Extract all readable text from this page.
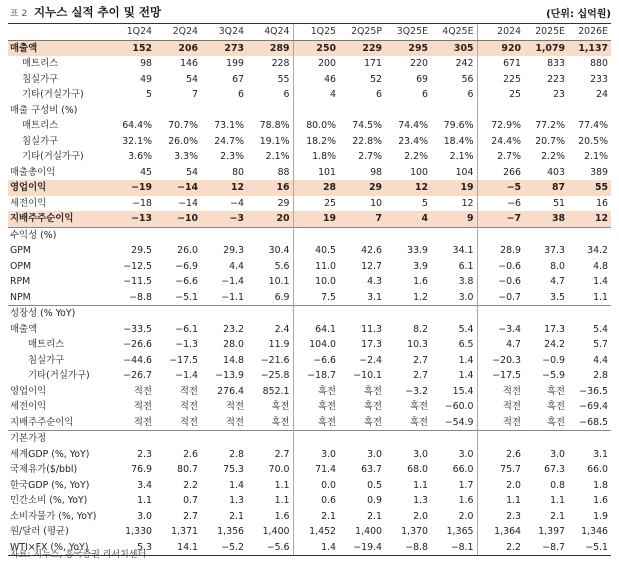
표 2 지누스 실적 추이 및 전망	(단위: 십억원)
	1Q24	2Q24	3Q24	4Q24	1Q25	2Q25P	3Q25E	4Q25E	2024	2025E	2026E
매출액	152	206	273	289	250	229	295	305	920	1,079	1,137
매트리스	98	146	199	228	200	171	220	242	671	833	880
침실가구	49	54	67	55	46	52	69	56	225	223	233
기타(거실가구)	5	7	6	6	4	6	6	6	25	23	24
매출 구성비 (%)											
매트리스	64.4%	70.7%	73.1%	78.8%	80.0%	74.5%	74.4%	79.6%	72.9%	77.2%	77.4%
침실가구	32.1%	26.0%	24.7%	19.1%	18.2%	22.8%	23.4%	18.4%	24.4%	20.7%	20.5%
기타(거실가구)	3.6%	3.3%	2.3%	2.1%	1.8%	2.7%	2.2%	2.1%	2.7%	2.2%	2.1%
매출총이익	45	54	80	88	101	98	100	104	266	403	389
영업이익	−19	−14	12	16	28	29	12	19	−5	87	55
세전이익	−18	−14	−4	29	25	10	5	12	−6	51	16
지배주주순이익	−13	−10	−3	20	19	7	4	9	−7	38	12
수익성 (%)											
GPM	29.5	26.0	29.3	30.4	40.5	42.6	33.9	34.1	28.9	37.3	34.2
OPM	−12.5	−6.9	4.4	5.6	11.0	12.7	3.9	6.1	−0.6	8.0	4.8
RPM	−11.5	−6.6	−1.4	10.1	10.0	4.3	1.6	3.8	−0.6	4.7	1.4
NPM	−8.8	−5.1	−1.1	6.9	7.5	3.1	1.2	3.0	−0.7	3.5	1.1
성장성 (% YoY)											
매출액	−33.5	−6.1	23.2	2.4	64.1	11.3	8.2	5.4	−3.4	17.3	5.4
매트리스	−26.6	−1.3	28.0	11.9	104.0	17.3	10.3	6.5	4.7	24.2	5.7
침실가구	−44.6	−17.5	14.8	−21.6	−6.6	−2.4	2.7	1.4	−20.3	−0.9	4.4
기타(거실가구)	−26.7	−1.4	−13.9	−25.8	−18.7	−10.1	2.7	1.4	−17.5	−5.9	2.8
영업이익	적전	적전	276.4	852.1	흑전	흑전	−3.2	15.4	적전	흑전	−36.5
세전이익	적전	적전	적전	흑전	흑전	흑전	흑전	−60.0	적전	흑전	−69.4
지배주주순이익	적전	적전	적전	흑전	흑전	흑전	흑전	−54.9	적전	흑전	−68.5
기본가정											
세계GDP (%, YoY)	2.3	2.6	2.8	2.7	3.0	3.0	3.0	3.0	2.6	3.0	3.1
국제유가($/bbl)	76.9	80.7	75.3	70.0	71.4	63.7	68.0	66.0	75.7	67.3	66.0
한국GDP (%, YoY)	3.4	2.2	1.4	1.1	0.0	0.5	1.1	1.7	2.0	0.8	1.8
민간소비 (%, YoY)	1.1	0.7	1.3	1.1	0.6	0.9	1.3	1.6	1.1	1.1	1.6
소비자물가 (%, YoY)	3.0	2.7	2.1	1.6	2.1	2.1	2.0	2.0	2.3	2.1	1.9
원/달러 (평균)	1,330	1,371	1,356	1,400	1,452	1,400	1,370	1,365	1,364	1,397	1,346
WTI×FX (%, YoY)	5.3	14.1	−5.2	−5.6	1.4	−19.4	−8.8	−8.1	2.2	−8.7	−5.1
자료: 지누스, 흥국증권 리서치센터
